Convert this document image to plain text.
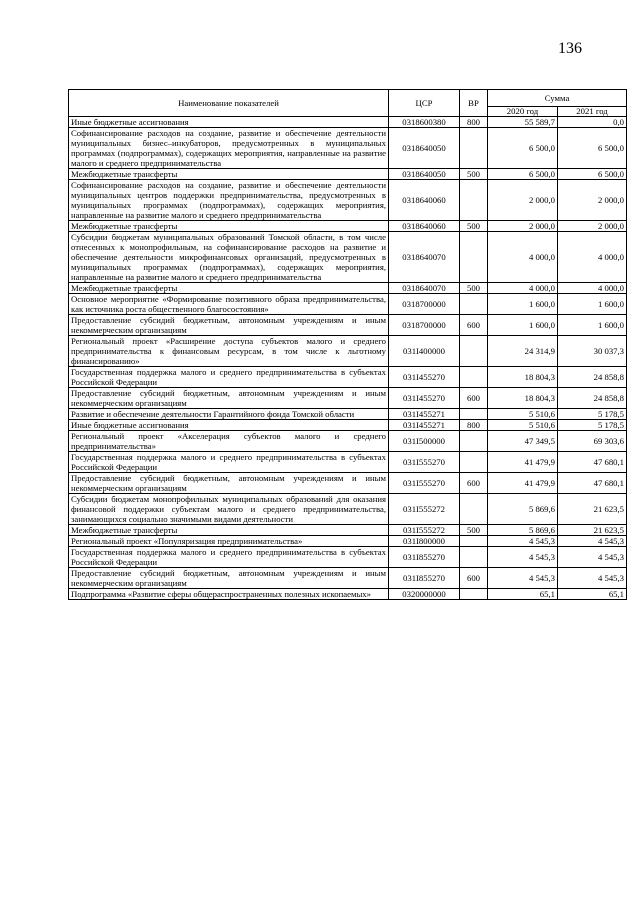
136
Наименование показателей	ЦСР	ВР	Сумма	
			2020 год	2021 год
Иные бюджетные ассигнования	0318600380	800	55 589,7	0,0
Софинансирование расходов на создание, развитие и обеспечение деятельности муниципальных бизнес–инкубаторов, предусмотренных в муниципальных программах (подпрограммах), содержащих мероприятия, направленные на развитие малого и среднего предпринимательства	0318640050		6 500,0	6 500,0
Межбюджетные трансферты	0318640050	500	6 500,0	6 500,0
Софинансирование расходов на создание, развитие и обеспечение деятельности муниципальных центров поддержки предпринимательства, предусмотренных в муниципальных программах (подпрограммах), содержащих мероприятия, направленные на развитие малого и среднего предпринимательства	0318640060		2 000,0	2 000,0
Межбюджетные трансферты	0318640060	500	2 000,0	2 000,0
Субсидии бюджетам муниципальных образований Томской области, в том числе отнесенных к монопрофильным, на софинансирование расходов на развитие и обеспечение деятельности микрофинансовых организаций, предусмотренных в муниципальных программах (подпрограммах), содержащих мероприятия, направленные на развитие малого и среднего предпринимательства	0318640070		4 000,0	4 000,0
Межбюджетные трансферты	0318640070	500	4 000,0	4 000,0
Основное мероприятие «Формирование позитивного образа предпринимательства, как источника роста общественного благосостояния»	0318700000		1 600,0	1 600,0
Предоставление субсидий бюджетным, автономным учреждениям и иным некоммерческим организациям	0318700000	600	1 600,0	1 600,0
Региональный проект «Расширение доступа субъектов малого и среднего предпринимательства к финансовым ресурсам, в том числе к льготному финансированию»	031I400000		24 314,9	30 037,3
Государственная поддержка малого и среднего предпринимательства в субъектах Российской Федерации	031I455270		18 804,3	24 858,8
Предоставление субсидий бюджетным, автономным учреждениям и иным некоммерческим организациям	031I455270	600	18 804,3	24 858,8
Развитие и обеспечение деятельности Гарантийного фонда Томской области	031I455271		5 510,6	5 178,5
Иные бюджетные ассигнования	031I455271	800	5 510,6	5 178,5
Региональный проект «Акселерация субъектов малого и среднего предпринимательства»	031I500000		47 349,5	69 303,6
Государственная поддержка малого и среднего предпринимательства в субъектах Российской Федерации	031I555270		41 479,9	47 680,1
Предоставление субсидий бюджетным, автономным учреждениям и иным некоммерческим организациям	031I555270	600	41 479,9	47 680,1
Субсидии бюджетам монопрофильных муниципальных образований для оказания финансовой поддержки субъектам малого и среднего предпринимательства, занимающихся социально значимыми видами деятельности	031I555272		5 869,6	21 623,5
Межбюджетные трансферты	031I555272	500	5 869,6	21 623,5
Региональный проект «Популяризация предпринимательства»	031I800000		4 545,3	4 545,3
Государственная поддержка малого и среднего предпринимательства в субъектах Российской Федерации	031I855270		4 545,3	4 545,3
Предоставление субсидий бюджетным, автономным учреждениям и иным некоммерческим организациям	031I855270	600	4 545,3	4 545,3
Подпрограмма «Развитие сферы общераспространенных полезных ископаемых»	0320000000		65,1	65,1
